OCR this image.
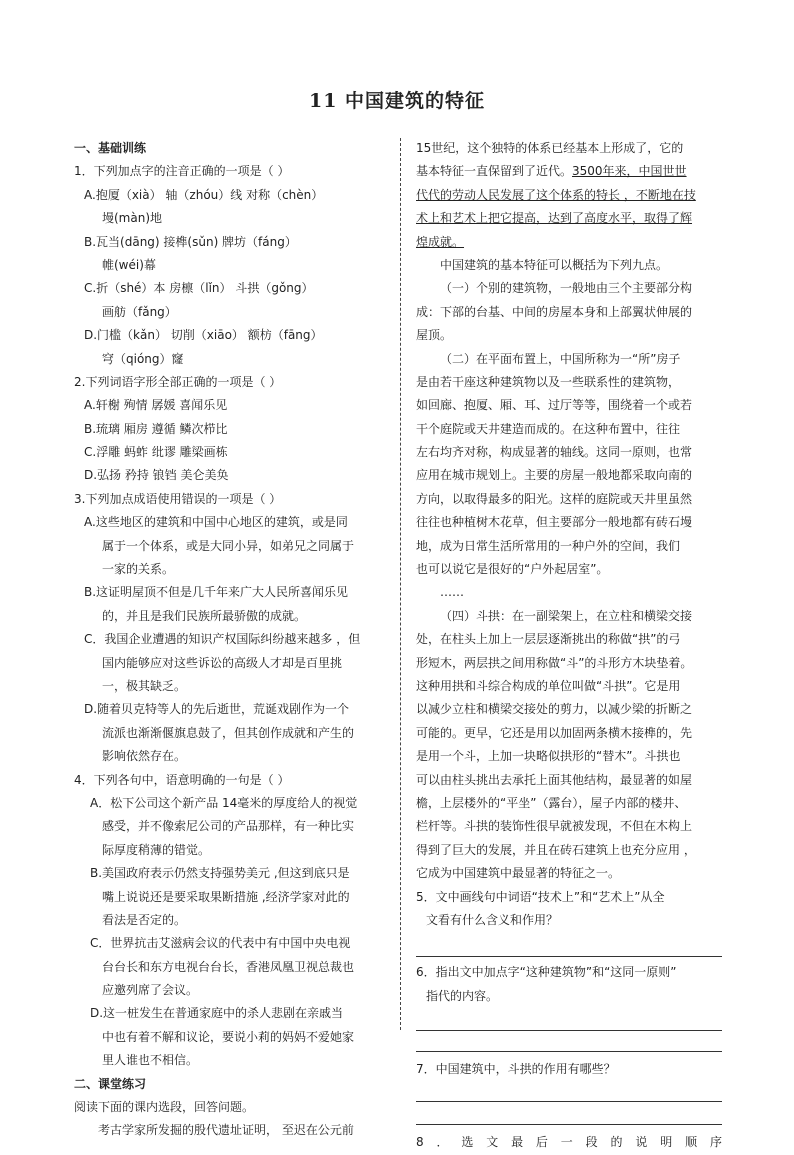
11 中国建筑的特征
一、基础训练
1．下列加点字的注音正确的一项是（ ）
A.抱厦（xià） 轴（zhóu）线 对称（chèn）
墁(màn)地
B.瓦当(dāng) 接榫(sǔn) 牌坊（fáng）
帷(wéi)幕
C.折（shé）本 房檩（lǐn） 斗拱（gǒng）
画舫（fǎng）
D.门槛（kǎn） 切削（xiāo） 额枋（fāng）
穹（qióng）窿
2.下列词语字形全部正确的一项是（ ）
A.轩榭 殉情 孱媛 喜闻乐见
B.琉璃 厢房 遵循 鳞次栉比
C.浮雕 蚂蚱 纰谬 雕梁画栋
D.弘扬 矜持 锒铛 美仑美奂
3.下列加点成语使用错误的一项是（ ）
A.这些地区的建筑和中国中心地区的建筑，或是同
属于一个体系，或是大同小异，如弟兄之同属于
一家的关系。
B.这证明屋顶不但是几千年来广大人民所喜闻乐见
的，并且是我们民族所最骄傲的成就。
C．我国企业遭遇的知识产权国际纠纷越来越多 ，但
国内能够应对这些诉讼的高级人才却是百里挑
一，极其缺乏。
D.随着贝克特等人的先后逝世，荒诞戏剧作为一个
流派也渐渐偃旗息鼓了，但其创作成就和产生的
影响依然存在。
4．下列各句中，语意明确的一句是（ ）
A．松下公司这个新产品 14毫米的厚度给人的视觉
感受，并不像索尼公司的产品那样，有一种比实
际厚度稍薄的错觉。
B.美国政府表示仍然支持强势美元 ,但这到底只是
嘴上说说还是要采取果断措施 ,经济学家对此的
看法是否定的。
C．世界抗击艾滋病会议的代表中有中国中央电视
台台长和东方电视台台长，香港凤凰卫视总裁也
应邀列席了会议。
D.这一桩发生在普通家庭中的杀人悲剧在亲戚当
中也有着不解和议论，要说小莉的妈妈不爱她家
里人谁也不相信。
二、课堂练习
阅读下面的课内选段，回答问题。
考古学家所发掘的殷代遗址证明， 至迟在公元前
15世纪，这个独特的体系已经基本上形成了，它的
基本特征一直保留到了近代。3500年来，中国世世
代代的劳动人民发展了这个体系的特长 ，不断地在技
术上和艺术上把它提高，达到了高度水平，取得了辉
煌成就。
中国建筑的基本特征可以概括为下列九点。
（一）个别的建筑物，一般地由三个主要部分构
成：下部的台基、中间的房屋本身和上部翼状伸展的
屋顶。
（二）在平面布置上，中国所称为一“所”房子
是由若干座这种建筑物以及一些联系性的建筑物，
如回廊、抱厦、厢、耳、过厅等等，围绕着一个或若
干个庭院或天井建造而成的。在这种布置中，往往
左右均齐对称，构成显著的轴线。这同一原则，也常
应用在城市规划上。主要的房屋一般地都采取向南的
方向，以取得最多的阳光。这样的庭院或天井里虽然
往往也种植树木花草，但主要部分一般地都有砖石墁
地，成为日常生活所常用的一种户外的空间，我们
也可以说它是很好的“户外起居室”。
……
（四）斗拱：在一副梁架上，在立柱和横梁交接
处，在柱头上加上一层层逐渐挑出的称做“拱”的弓
形短木，两层拱之间用称做“斗”的斗形方木块垫着。
这种用拱和斗综合构成的单位叫做“斗拱”。它是用
以减少立柱和横梁交接处的剪力，以减少梁的折断之
可能的。更早，它还是用以加固两条横木接榫的，先
是用一个斗，上加一块略似拱形的“替木”。斗拱也
可以由柱头挑出去承托上面其他结构，最显著的如屋
檐，上层楼外的“平坐”（露台），屋子内部的楼井、
栏杆等。斗拱的装饰性很早就被发现，不但在木构上
得到了巨大的发展，并且在砖石建筑上也充分应用 ，
它成为中国建筑中最显著的特征之一。
5．文中画线句中词语“技术上”和“艺术上”从全
文看有什么含义和作用？
6．指出文中加点字“这种建筑物”和“这同一原则”
指代的内容。
7．中国建筑中，斗拱的作用有哪些？
8 ． 选 文 最 后 一 段 的 说 明 顺 序
